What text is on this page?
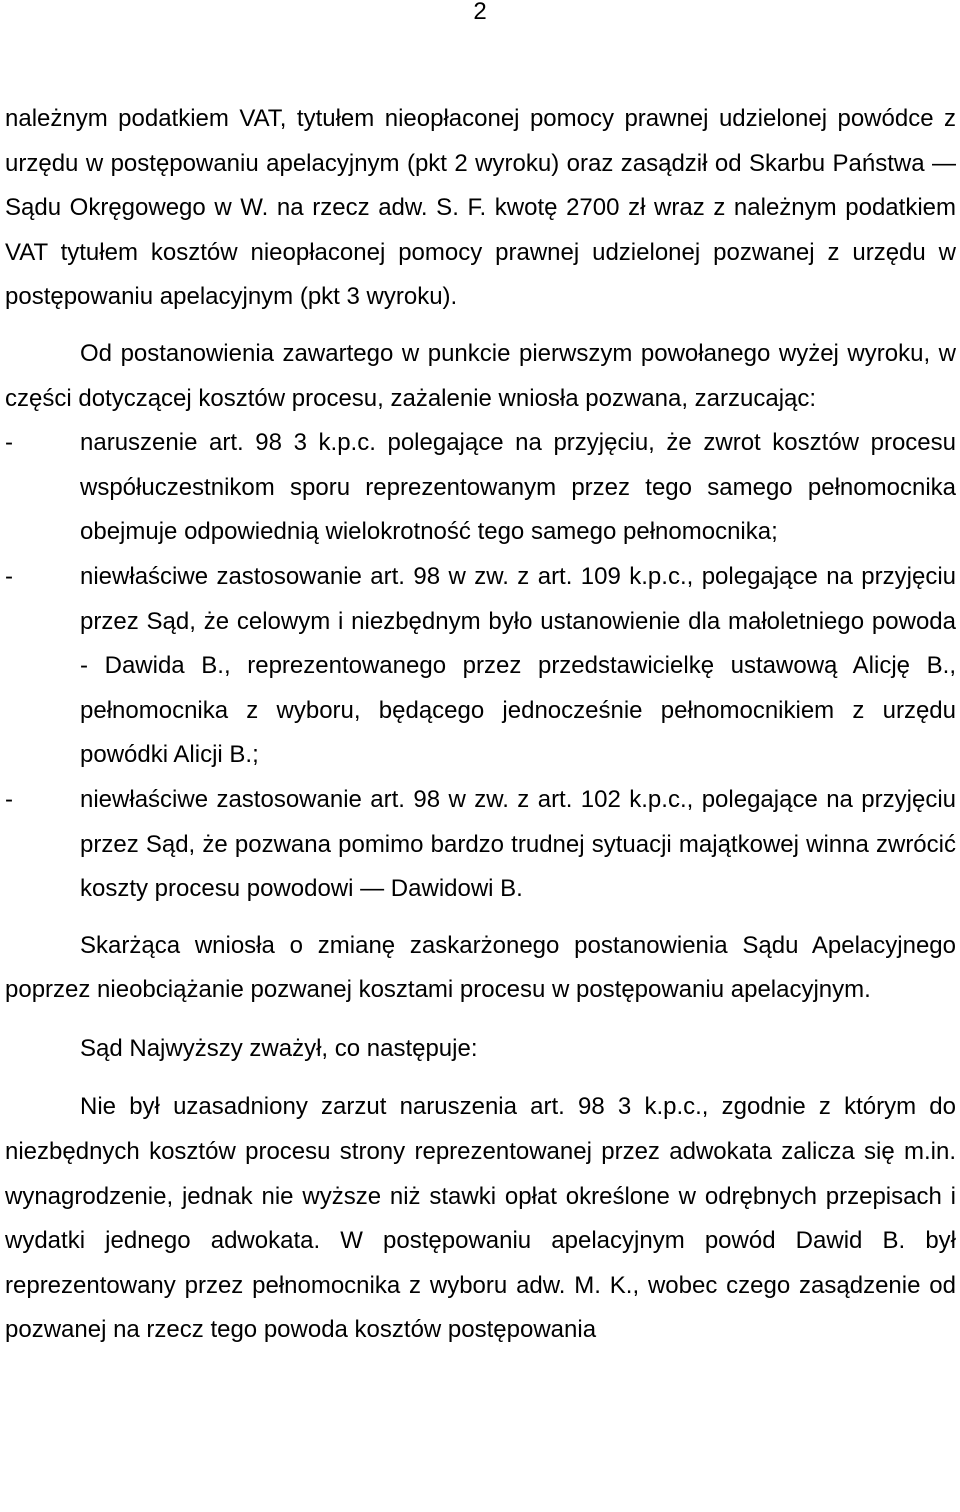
2

należnym podatkiem VAT, tytułem nieopłaconej pomocy prawnej udzielonej powódce z urzędu w postępowaniu apelacyjnym (pkt 2 wyroku) oraz zasądził od Skarbu Państwa — Sądu Okręgowego w W. na rzecz adw. S. F. kwotę 2700 zł wraz z należnym podatkiem VAT tytułem kosztów nieopłaconej pomocy prawnej udzielonej pozwanej z urzędu w postępowaniu apelacyjnym (pkt 3 wyroku).

Od postanowienia zawartego w punkcie pierwszym powołanego wyżej wyroku, w części dotyczącej kosztów procesu, zażalenie wniosła pozwana, zarzucając:

-	naruszenie art. 98 3 k.p.c. polegające na przyjęciu, że zwrot kosztów procesu współuczestnikom sporu reprezentowanym przez tego samego pełnomocnika obejmuje odpowiednią wielokrotność tego samego pełnomocnika;
-	niewłaściwe zastosowanie art. 98 w zw. z art. 109 k.p.c., polegające na przyjęciu przez Sąd, że celowym i niezbędnym było ustanowienie dla małoletniego powoda - Dawida B., reprezentowanego przez przedstawicielkę ustawową Alicję B., pełnomocnika z wyboru, będącego jednocześnie pełnomocnikiem z urzędu powódki Alicji B.;
-	niewłaściwe zastosowanie art. 98 w zw. z art. 102 k.p.c., polegające na przyjęciu przez Sąd, że pozwana pomimo bardzo trudnej sytuacji majątkowej winna zwrócić koszty procesu powodowi — Dawidowi B.

Skarżąca wniosła o zmianę zaskarżonego postanowienia Sądu Apelacyjnego poprzez nieobciążanie pozwanej kosztami procesu w postępowaniu apelacyjnym.

Sąd Najwyższy zważył, co następuje:

Nie był uzasadniony zarzut naruszenia art. 98 3 k.p.c., zgodnie z którym do niezbędnych kosztów procesu strony reprezentowanej przez adwokata zalicza się m.in. wynagrodzenie, jednak nie wyższe niż stawki opłat określone w odrębnych przepisach i wydatki jednego adwokata. W postępowaniu apelacyjnym powód Dawid B. był reprezentowany przez pełnomocnika z wyboru adw. M. K., wobec czego zasądzenie od pozwanej na rzecz tego powoda kosztów postępowania
